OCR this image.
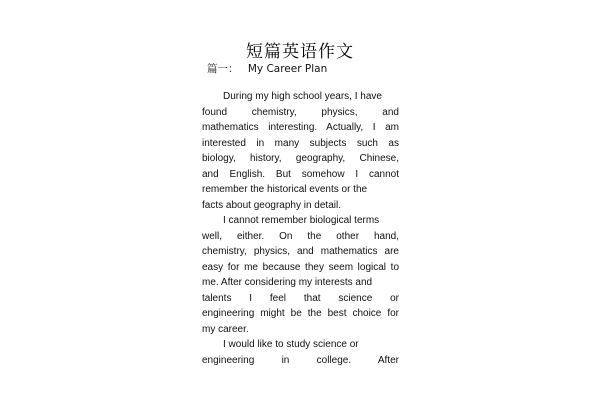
短篇英语作文
篇一： My Career Plan
During my high school years, I have
found chemistry, physics, and
mathematics interesting. Actually, I am
interested in many subjects such as
biology, history, geography, Chinese,
and English. But somehow I cannot
remember the historical events or the
facts about geography in detail.
I cannot remember biological terms
well, either. On the other hand,
chemistry, physics, and mathematics are
easy for me because they seem logical to
me. After considering my interests and
talents I feel that science or
engineering might be the best choice for
my career.
I would like to study science or
engineering in college. After
